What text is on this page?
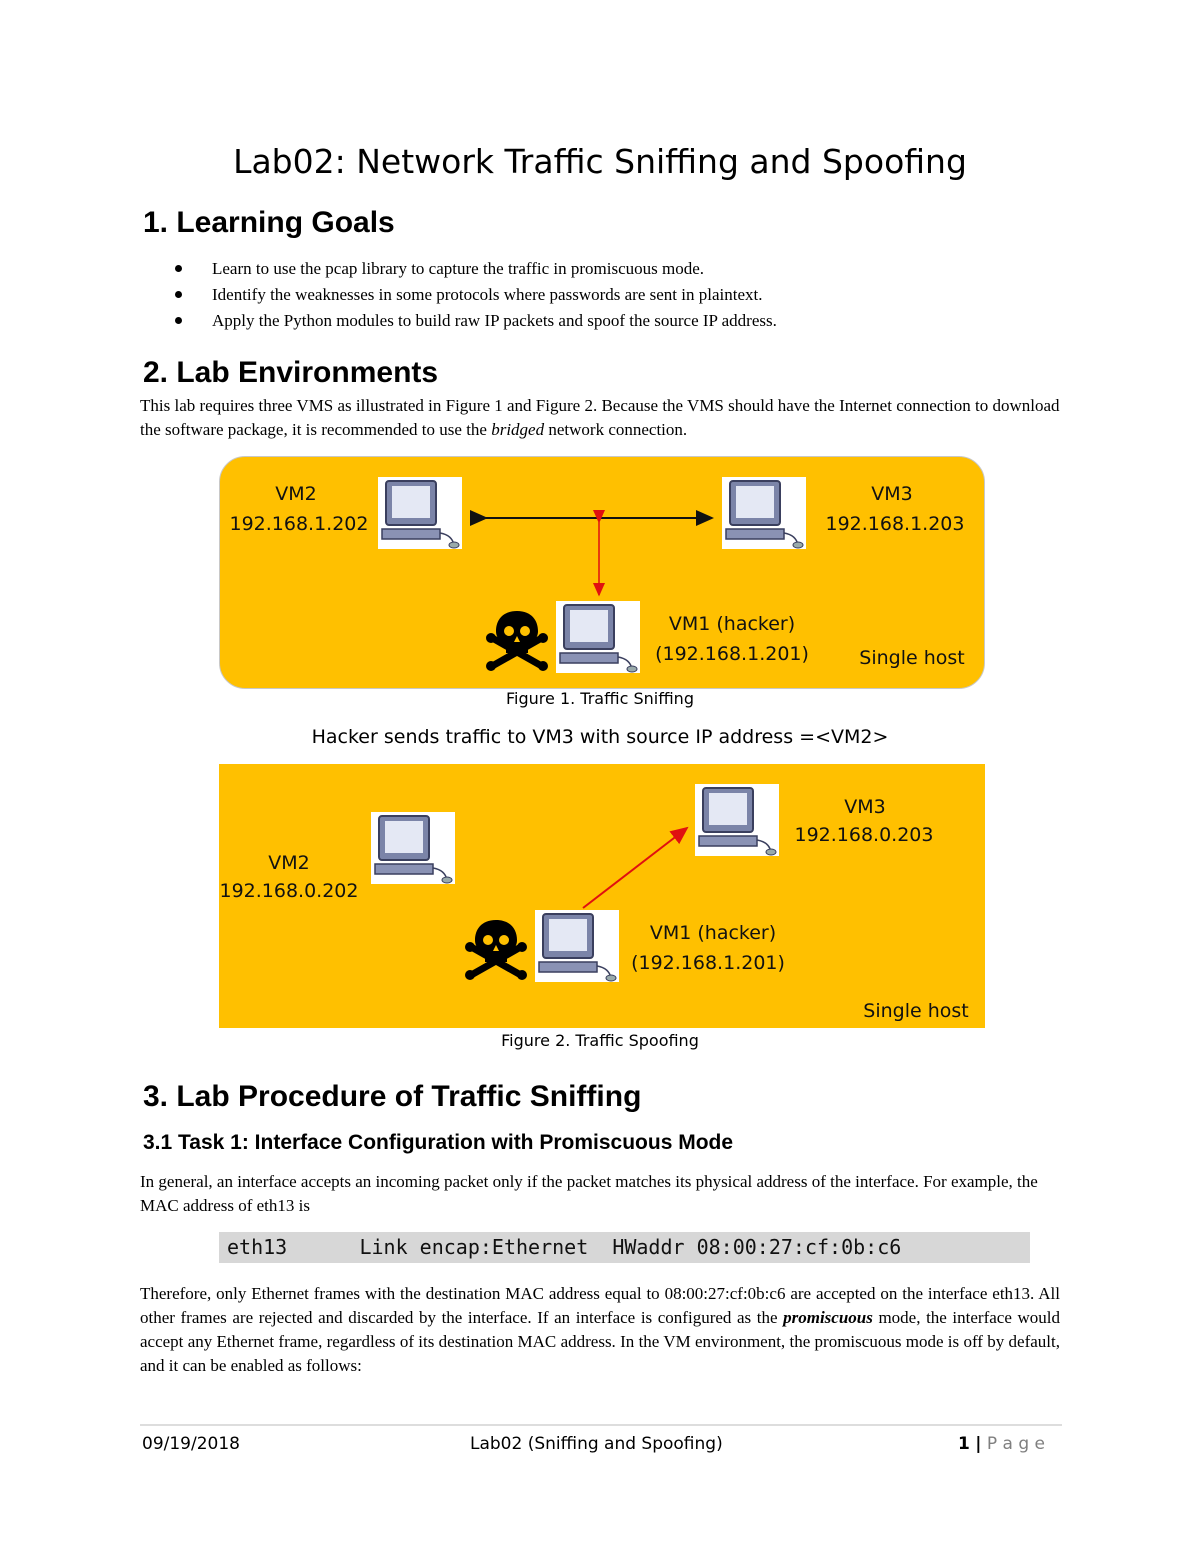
Lab02: Network Traffic Sniffing and Spoofing
1. Learning Goals
Learn to use the pcap library to capture the traffic in promiscuous mode.
Identify the weaknesses in some protocols where passwords are sent in plaintext.
Apply the Python modules to build raw IP packets and spoof the source IP address.
2. Lab Environments
This lab requires three VMS as illustrated in Figure 1 and Figure 2. Because the VMS should have the Internet connection to download the software package, it is recommended to use the bridged network connection.
VM2
192.168.1.202
VM3
192.168.1.203
VM1 (hacker)
(192.168.1.201)	Single host
Figure 1. Traffic Sniffing
Hacker sends traffic to VM3 with source IP address =<VM2>
VM2
192.168.0.202
VM3
192.168.0.203
VM1 (hacker)
(192.168.1.201)
Single host
Figure 2. Traffic Spoofing
3. Lab Procedure of Traffic Sniffing
3.1 Task 1: Interface Configuration with Promiscuous Mode
In general, an interface accepts an incoming packet only if the packet matches its physical address of the interface. For example, the MAC address of eth13 is
eth13      Link encap:Ethernet  HWaddr 08:00:27:cf:0b:c6
Therefore, only Ethernet frames with the destination MAC address equal to 08:00:27:cf:0b:c6 are accepted on the interface eth13. All other frames are rejected and discarded by the interface. If an interface is configured as the promiscuous mode, the interface would accept any Ethernet frame, regardless of its destination MAC address. In the VM environment, the promiscuous mode is off by default, and it can be enabled as follows:
09/19/2018	Lab02 (Sniffing and Spoofing)	1 | P a g e
